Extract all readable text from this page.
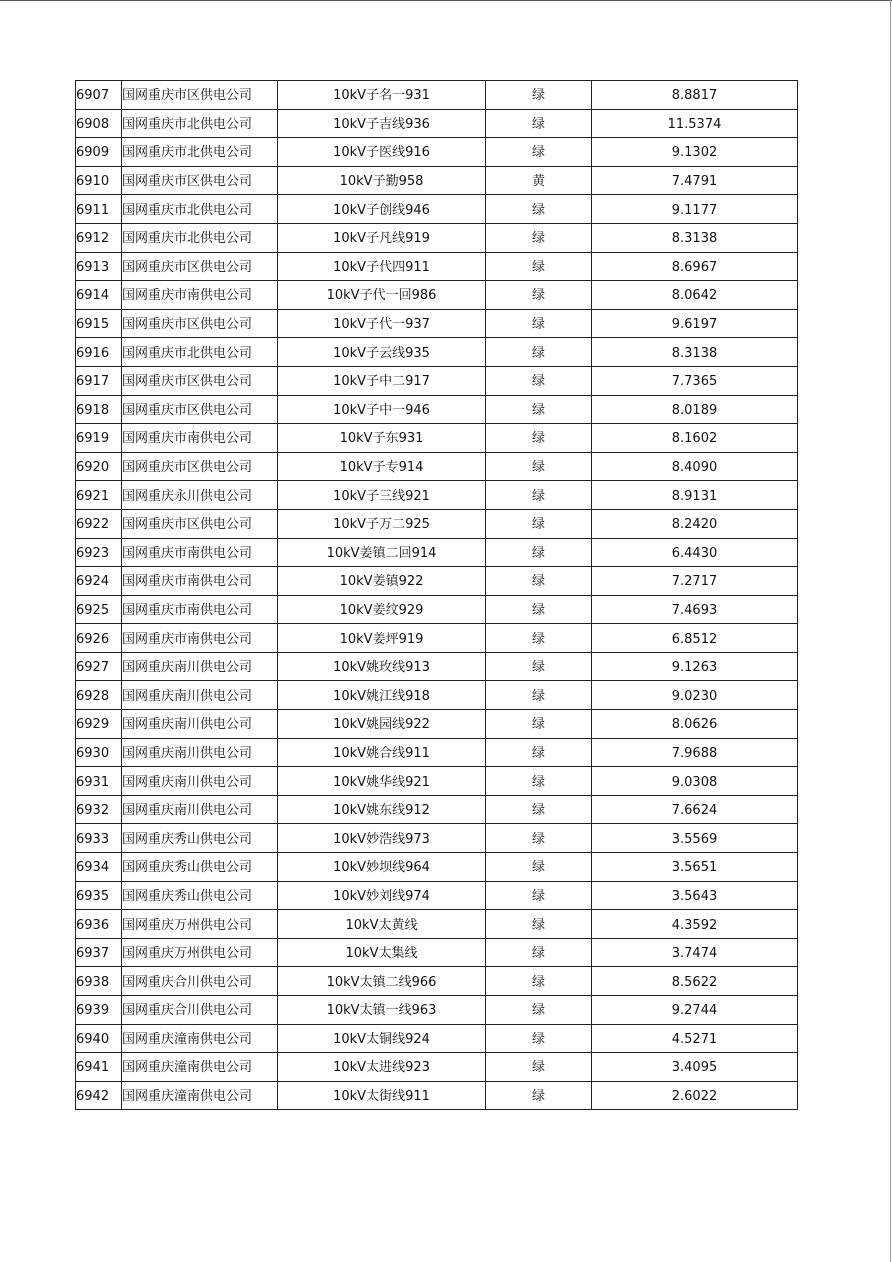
6907	国网重庆市区供电公司	10kV子名一931	绿	8.8817
6908	国网重庆市北供电公司	10kV子吉线936	绿	11.5374
6909	国网重庆市北供电公司	10kV子医线916	绿	9.1302
6910	国网重庆市区供电公司	10kV子勤958	黄	7.4791
6911	国网重庆市北供电公司	10kV子创线946	绿	9.1177
6912	国网重庆市北供电公司	10kV子凡线919	绿	8.3138
6913	国网重庆市区供电公司	10kV子代四911	绿	8.6967
6914	国网重庆市南供电公司	10kV子代一回986	绿	8.0642
6915	国网重庆市区供电公司	10kV子代一937	绿	9.6197
6916	国网重庆市北供电公司	10kV子云线935	绿	8.3138
6917	国网重庆市区供电公司	10kV子中二917	绿	7.7365
6918	国网重庆市区供电公司	10kV子中一946	绿	8.0189
6919	国网重庆市南供电公司	10kV子东931	绿	8.1602
6920	国网重庆市区供电公司	10kV子专914	绿	8.4090
6921	国网重庆永川供电公司	10kV子三线921	绿	8.9131
6922	国网重庆市区供电公司	10kV子万二925	绿	8.2420
6923	国网重庆市南供电公司	10kV姜镇二回914	绿	6.4430
6924	国网重庆市南供电公司	10kV姜镇922	绿	7.2717
6925	国网重庆市南供电公司	10kV姜纹929	绿	7.4693
6926	国网重庆市南供电公司	10kV姜坪919	绿	6.8512
6927	国网重庆南川供电公司	10kV姚玫线913	绿	9.1263
6928	国网重庆南川供电公司	10kV姚江线918	绿	9.0230
6929	国网重庆南川供电公司	10kV姚园线922	绿	8.0626
6930	国网重庆南川供电公司	10kV姚合线911	绿	7.9688
6931	国网重庆南川供电公司	10kV姚华线921	绿	9.0308
6932	国网重庆南川供电公司	10kV姚东线912	绿	7.6624
6933	国网重庆秀山供电公司	10kV妙浩线973	绿	3.5569
6934	国网重庆秀山供电公司	10kV妙坝线964	绿	3.5651
6935	国网重庆秀山供电公司	10kV妙刘线974	绿	3.5643
6936	国网重庆万州供电公司	10kV太黄线	绿	4.3592
6937	国网重庆万州供电公司	10kV太集线	绿	3.7474
6938	国网重庆合川供电公司	10kV太镇二线966	绿	8.5622
6939	国网重庆合川供电公司	10kV太镇一线963	绿	9.2744
6940	国网重庆潼南供电公司	10kV太铜线924	绿	4.5271
6941	国网重庆潼南供电公司	10kV太进线923	绿	3.4095
6942	国网重庆潼南供电公司	10kV太街线911	绿	2.6022
